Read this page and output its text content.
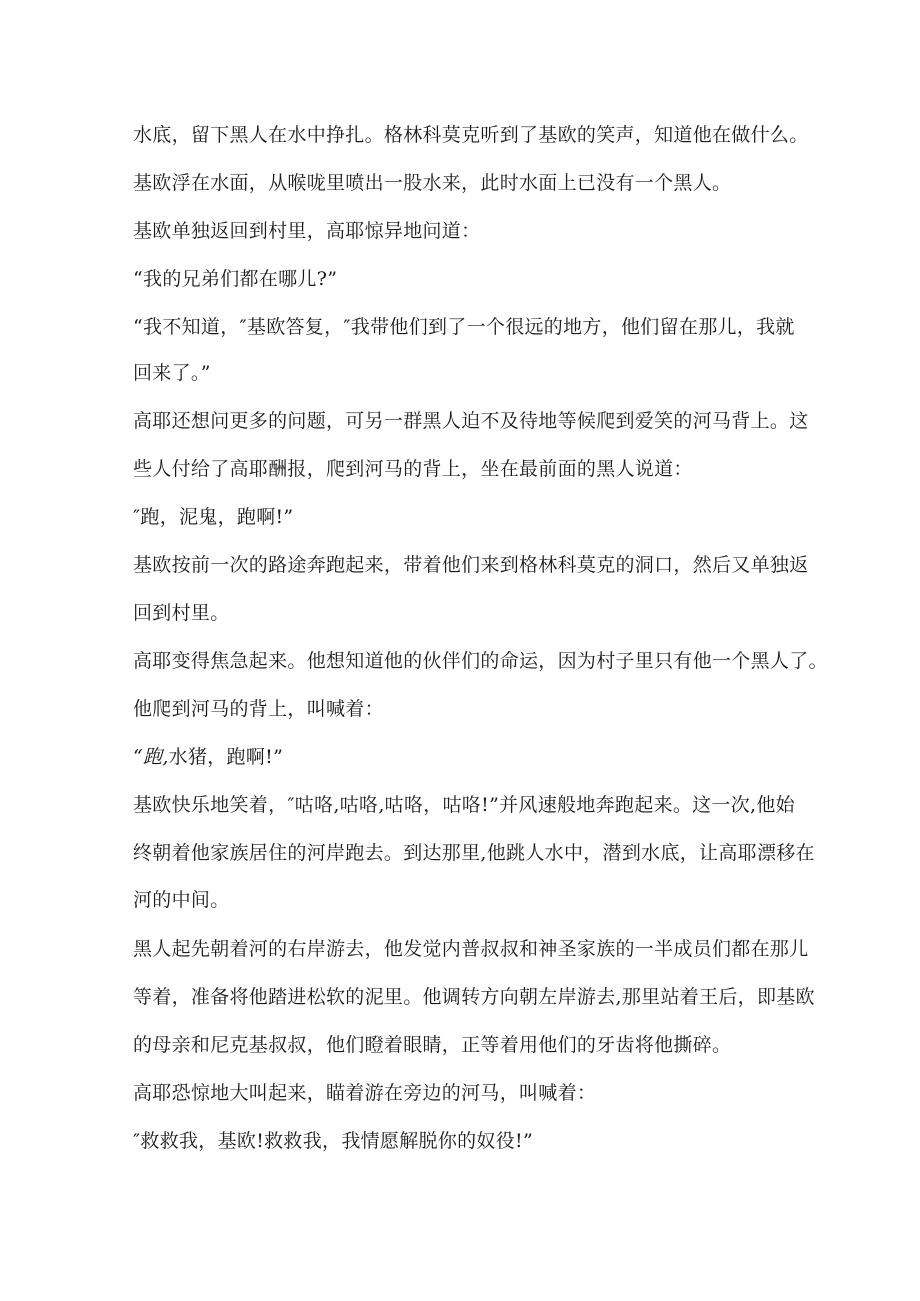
水底，留下黑人在水中挣扎。格林科莫克听到了基欧的笑声，知道他在做什么。
基欧浮在水面，从喉咙里喷出一股水来，此时水面上已没有一个黑人。
基欧单独返回到村里，高耶惊异地问道：
“我的兄弟们都在哪儿?”
“我不知道，″基欧答复，″我带他们到了一个很远的地方，他们留在那儿，我就
回来了。”
高耶还想问更多的问题，可另一群黑人迫不及待地等候爬到爱笑的河马背上。这
些人付给了高耶酬报，爬到河马的背上，坐在最前面的黑人说道：
″跑，泥鬼，跑啊!”
基欧按前一次的路途奔跑起来，带着他们来到格林科莫克的洞口，然后又单独返
回到村里。
高耶变得焦急起来。他想知道他的伙伴们的命运，因为村子里只有他一个黑人了。
他爬到河马的背上，叫喊着：
“跑,水猪，跑啊!”
基欧快乐地笑着，″咕咯,咕咯,咕咯，咕咯!”并风速般地奔跑起来。这一次,他始
终朝着他家族居住的河岸跑去。到达那里,他跳人水中，潜到水底，让高耶漂移在
河的中间。
黑人起先朝着河的右岸游去，他发觉内普叔叔和神圣家族的一半成员们都在那儿
等着，准备将他踏进松软的泥里。他调转方向朝左岸游去,那里站着王后，即基欧
的母亲和尼克基叔叔，他们瞪着眼睛，正等着用他们的牙齿将他撕碎。
高耶恐惊地大叫起来，瞄着游在旁边的河马，叫喊着：
″救救我，基欧!救救我，我情愿解脱你的奴役!”
